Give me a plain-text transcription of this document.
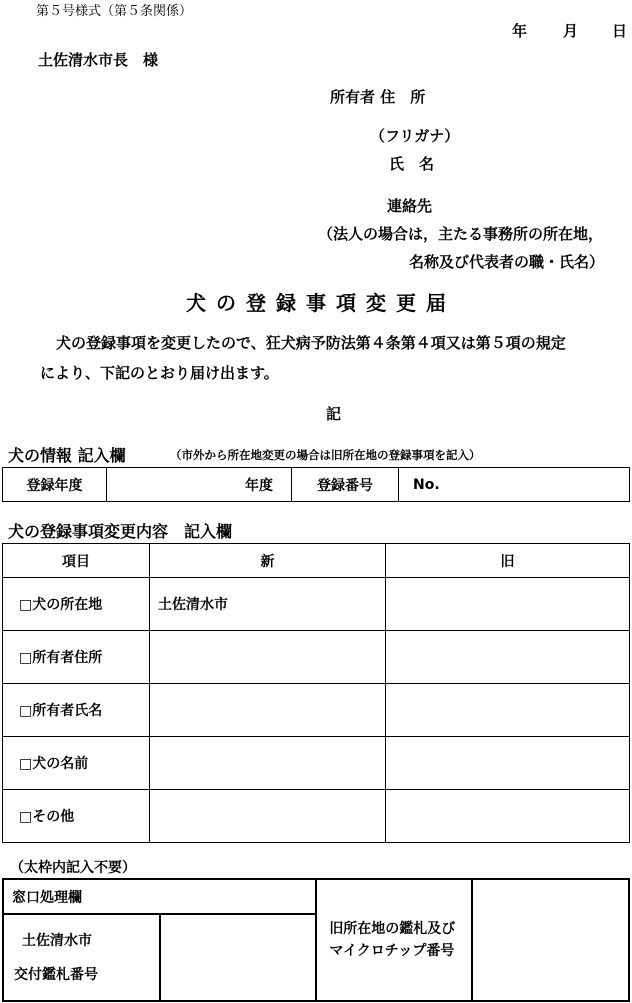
第５号様式（第５条関係）
年 月 日
土佐清水市長　様
所有者 住　所
（フリガナ）
氏　名
連絡先
（法人の場合は，主たる事務所の所在地，
名称及び代表者の職・氏名）
犬の登録事項変更届
犬の登録事項を変更したので、狂犬病予防法第４条第４項又は第５項の規定
により、下記のとおり届け出ます。
記
犬の情報 記入欄	（市外から所在地変更の場合は旧所在地の登録事項を記入）
登録年度	年度	登録番号	No.
犬の登録事項変更内容　記入欄
項目	新	旧
□犬の所在地	土佐清水市	
□所有者住所		
□所有者氏名		
□犬の名前		
□その他		
（太枠内記入不要）
窓口処理欄		旧所在地の鑑札及び
マイクロチップ番号	

土佐清水市
交付鑑札番号			
